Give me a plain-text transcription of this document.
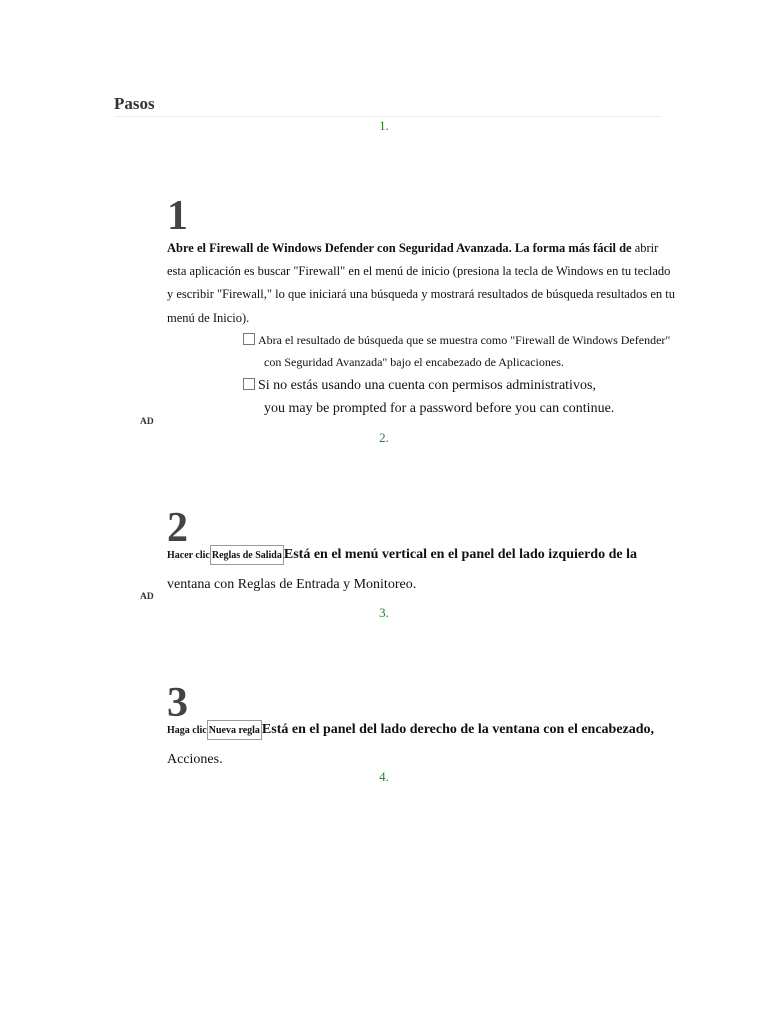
Pasos
1.
1
Abre el Firewall de Windows Defender con Seguridad Avanzada. La forma más fácil de abrir esta aplicación es buscar "Firewall" en el menú de inicio (presiona la tecla de Windows en tu teclado y escribir "Firewall," lo que iniciará una búsqueda y mostrará resultados de búsqueda resultados en tu menú de Inicio).
Abra el resultado de búsqueda que se muestra como "Firewall de Windows Defender"
con Seguridad Avanzada" bajo el encabezado de Aplicaciones.
Si no estás usando una cuenta con permisos administrativos,
you may be prompted for a password before you can continue.
AD
2.
2
Hacer clic Reglas de Salida Está en el menú vertical en el panel del lado izquierdo de la
ventana con Reglas de Entrada y Monitoreo.
AD
3.
3
Haga clic Nueva regla Está en el panel del lado derecho de la ventana con el encabezado,
Acciones.
4.
